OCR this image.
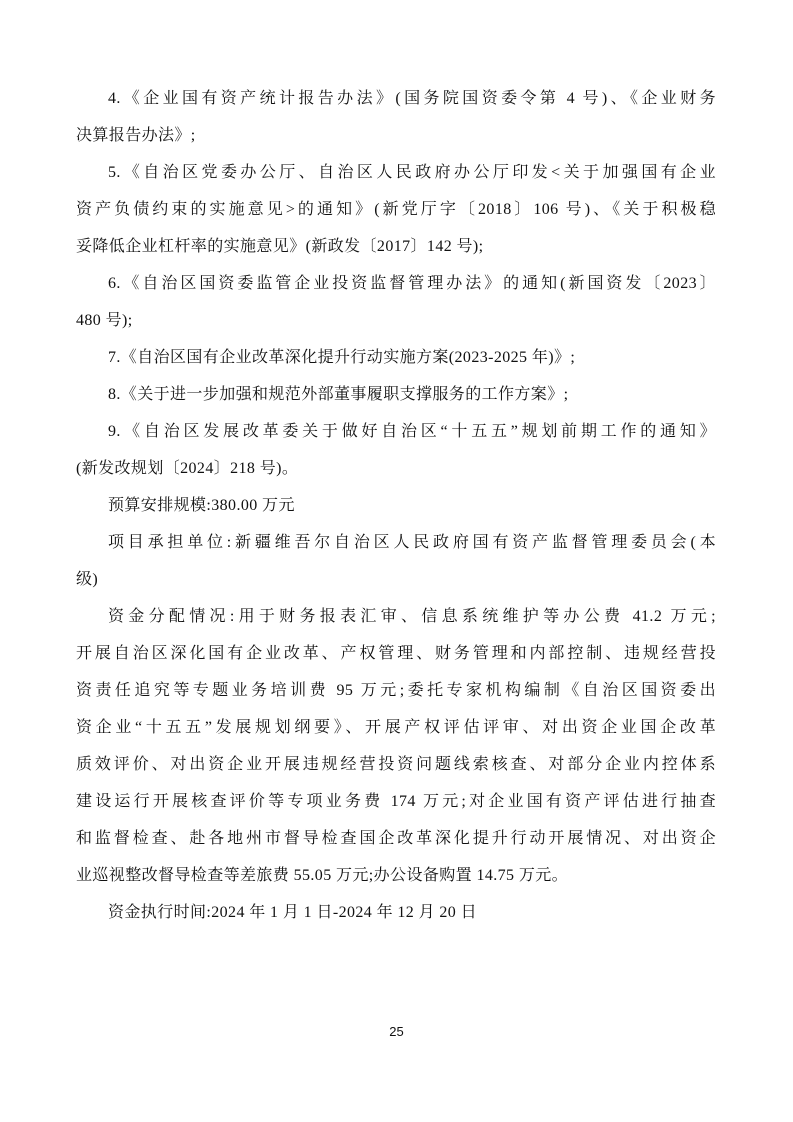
4.《企业国有资产统计报告办法》(国务院国资委令第 4 号)、《企业财务
决算报告办法》;
5.《自治区党委办公厅、自治区人民政府办公厅印发<关于加强国有企业
资产负债约束的实施意见>的通知》(新党厅字〔2018〕106 号)、《关于积极稳
妥降低企业杠杆率的实施意见》(新政发〔2017〕142 号);
6.《自治区国资委监管企业投资监督管理办法》的通知(新国资发〔2023〕
480 号);
7.《自治区国有企业改革深化提升行动实施方案(2023-2025 年)》;
8.《关于进一步加强和规范外部董事履职支撑服务的工作方案》;
9.《自治区发展改革委关于做好自治区“十五五”规划前期工作的通知》
(新发改规划〔2024〕218 号)。
预算安排规模:380.00 万元
项目承担单位:新疆维吾尔自治区人民政府国有资产监督管理委员会(本
级)
资金分配情况:用于财务报表汇审、信息系统维护等办公费 41.2 万元;
开展自治区深化国有企业改革、产权管理、财务管理和内部控制、违规经营投
资责任追究等专题业务培训费 95 万元;委托专家机构编制《自治区国资委出
资企业“十五五”发展规划纲要》、开展产权评估评审、对出资企业国企改革
质效评价、对出资企业开展违规经营投资问题线索核查、对部分企业内控体系
建设运行开展核查评价等专项业务费 174 万元;对企业国有资产评估进行抽查
和监督检查、赴各地州市督导检查国企改革深化提升行动开展情况、对出资企
业巡视整改督导检查等差旅费 55.05 万元;办公设备购置 14.75 万元。
资金执行时间:2024 年 1 月 1 日-2024 年 12 月 20 日
25
